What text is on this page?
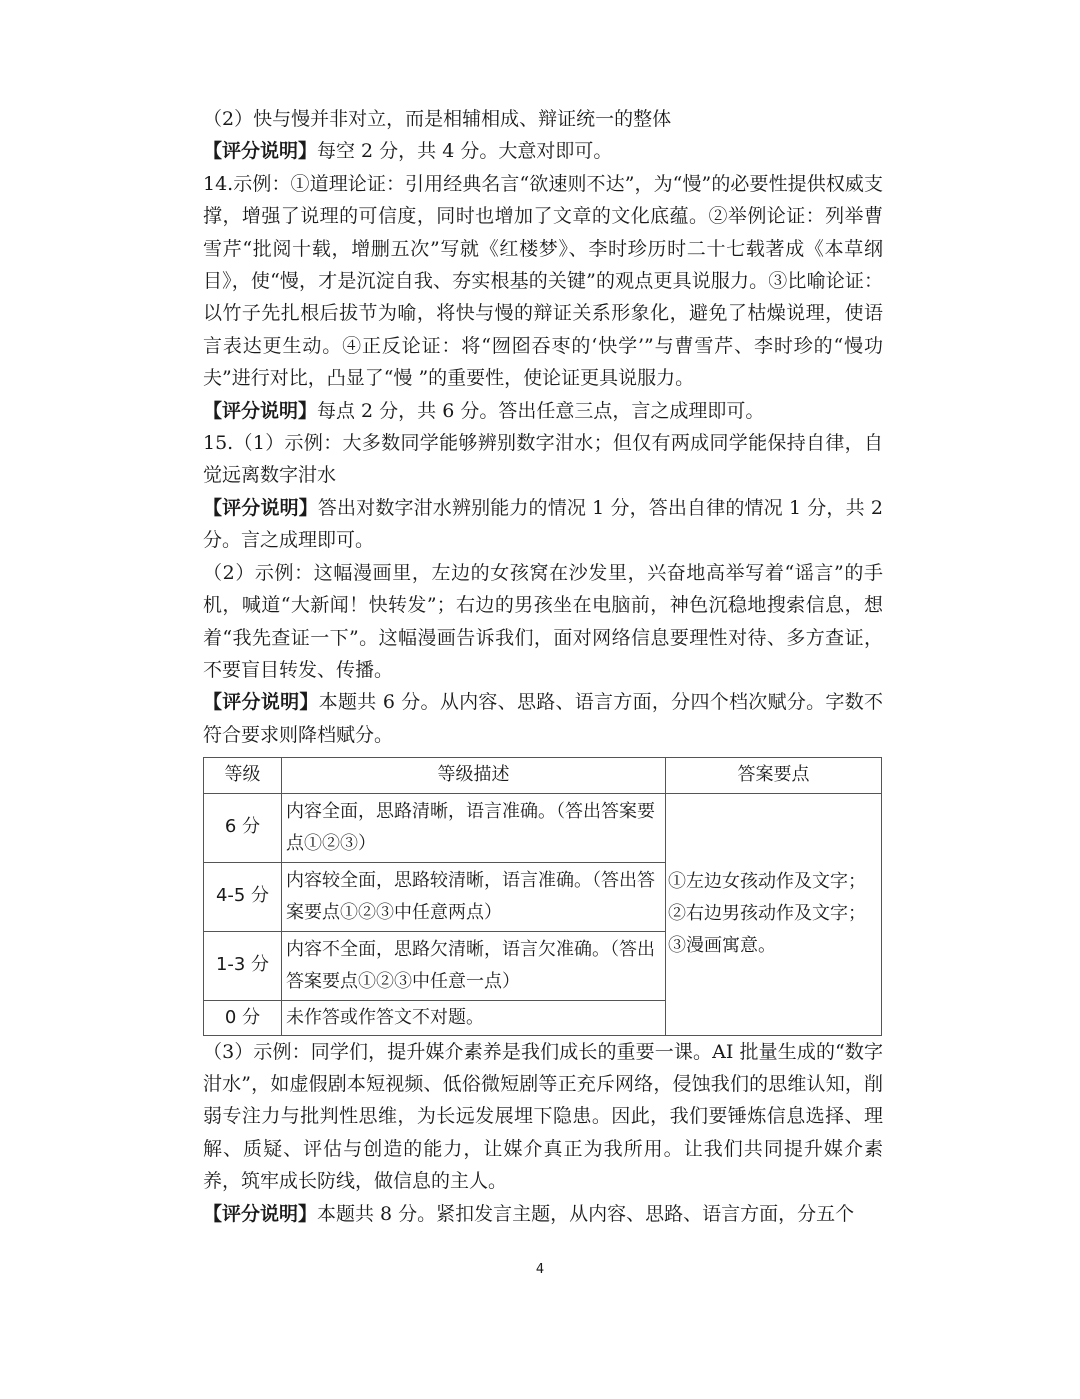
（2）快与慢并非对立，而是相辅相成、辩证统一的整体

【评分说明】每空 2 分，共 4 分。大意对即可。

14.示例：①道理论证：引用经典名言“欲速则不达”，为“慢”的必要性提供权威支撑，增强了说理的可信度，同时也增加了文章的文化底蕴。②举例论证：列举曹雪芹“批阅十载，增删五次”写就《红楼梦》、李时珍历时二十七载著成《本草纲目》，使“慢，才是沉淀自我、夯实根基的关键”的观点更具说服力。③比喻论证：以竹子先扎根后拔节为喻，将快与慢的辩证关系形象化，避免了枯燥说理，使语言表达更生动。④正反论证：将“囫囵吞枣的‘快学’”与曹雪芹、李时珍的“慢功夫”进行对比，凸显了“慢 ”的重要性，使论证更具说服力。

【评分说明】每点 2 分，共 6 分。答出任意三点，言之成理即可。

15.（1）示例：大多数同学能够辨别数字泔水；但仅有两成同学能保持自律，自觉远离数字泔水

【评分说明】答出对数字泔水辨别能力的情况 1 分，答出自律的情况 1 分，共 2 分。言之成理即可。

（2）示例：这幅漫画里，左边的女孩窝在沙发里，兴奋地高举写着“谣言”的手机，喊道“大新闻！快转发”；右边的男孩坐在电脑前，神色沉稳地搜索信息，想着“我先查证一下”。这幅漫画告诉我们，面对网络信息要理性对待、多方查证，不要盲目转发、传播。

【评分说明】本题共 6 分。从内容、思路、语言方面，分四个档次赋分。字数不符合要求则降档赋分。

等级	等级描述	答案要点
6 分	内容全面，思路清晰，语言准确。（答出答案要点①②③）	①左边女孩动作及文字；
②右边男孩动作及文字；
③漫画寓意。

4-5 分	内容较全面，思路较清晰，语言准确。（答出答案要点①②③中任意两点）	
1-3 分	内容不全面，思路欠清晰，语言欠准确。（答出答案要点①②③中任意一点）	
0 分	未作答或作答文不对题。	

（3）示例：同学们，提升媒介素养是我们成长的重要一课。AI 批量生成的“数字泔水”，如虚假剧本短视频、低俗微短剧等正充斥网络，侵蚀我们的思维认知，削弱专注力与批判性思维，为长远发展埋下隐患。因此，我们要锤炼信息选择、理解、质疑、评估与创造的能力，让媒介真正为我所用。让我们共同提升媒介素养，筑牢成长防线，做信息的主人。

【评分说明】本题共 8 分。紧扣发言主题，从内容、思路、语言方面，分五个

4
